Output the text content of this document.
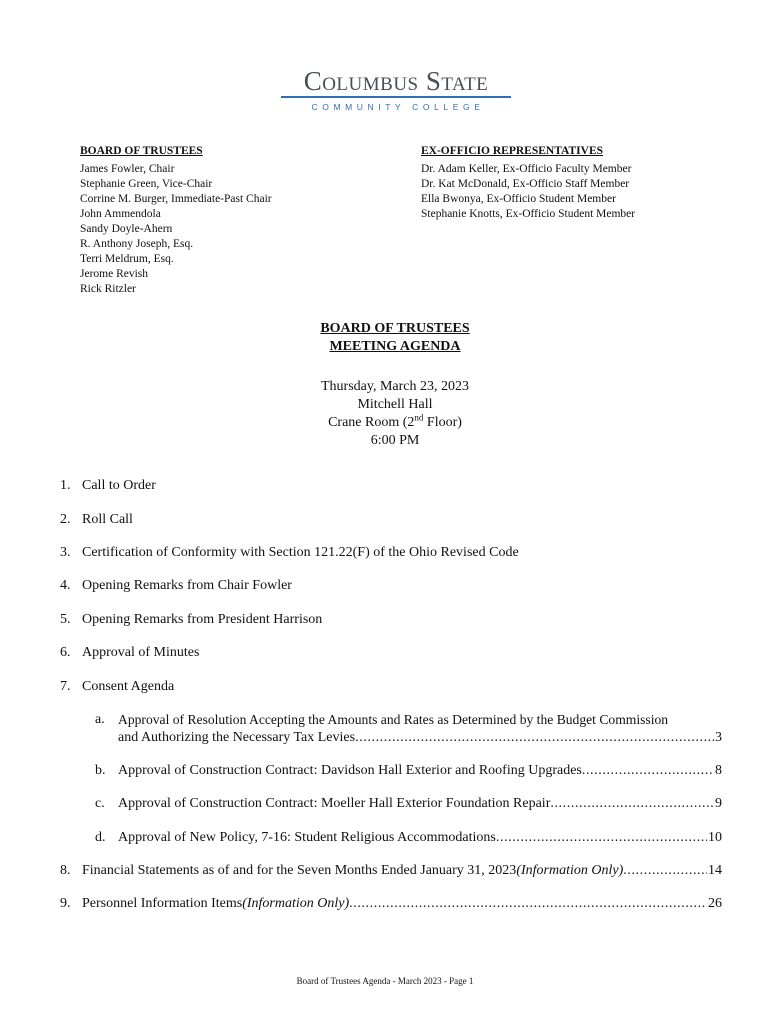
Columbus State
COMMUNITY COLLEGE
BOARD OF TRUSTEES
James Fowler, Chair
Stephanie Green, Vice-Chair
Corrine M. Burger, Immediate-Past Chair
John Ammendola
Sandy Doyle-Ahern
R. Anthony Joseph, Esq.
Terri Meldrum, Esq.
Jerome Revish
Rick Ritzler
EX-OFFICIO REPRESENTATIVES
Dr. Adam Keller, Ex-Officio Faculty Member
Dr. Kat McDonald, Ex-Officio Staff Member
Ella Bwonya, Ex-Officio Student Member
Stephanie Knotts, Ex-Officio Student Member
BOARD OF TRUSTEES
MEETING AGENDA
Thursday, March 23, 2023
Mitchell Hall
Crane Room (2nd Floor)
6:00 PM
1. Call to Order
2. Roll Call
3. Certification of Conformity with Section 121.22(F) of the Ohio Revised Code
4. Opening Remarks from Chair Fowler
5. Opening Remarks from President Harrison
6. Approval of Minutes
7. Consent Agenda
a. Approval of Resolution Accepting the Amounts and Rates as Determined by the Budget Commission
and Authorizing the Necessary Tax Levies .....	3
b. Approval of Construction Contract: Davidson Hall Exterior and Roofing Upgrades .....	8
c. Approval of Construction Contract: Moeller Hall Exterior Foundation Repair .....	9
d. Approval of New Policy, 7-16: Student Religious Accommodations .....	10
8. Financial Statements as of and for the Seven Months Ended January 31, 2023 (Information Only) .....	14
9. Personnel Information Items (Information Only) .....	26
Board of Trustees Agenda - March 2023 - Page 1
